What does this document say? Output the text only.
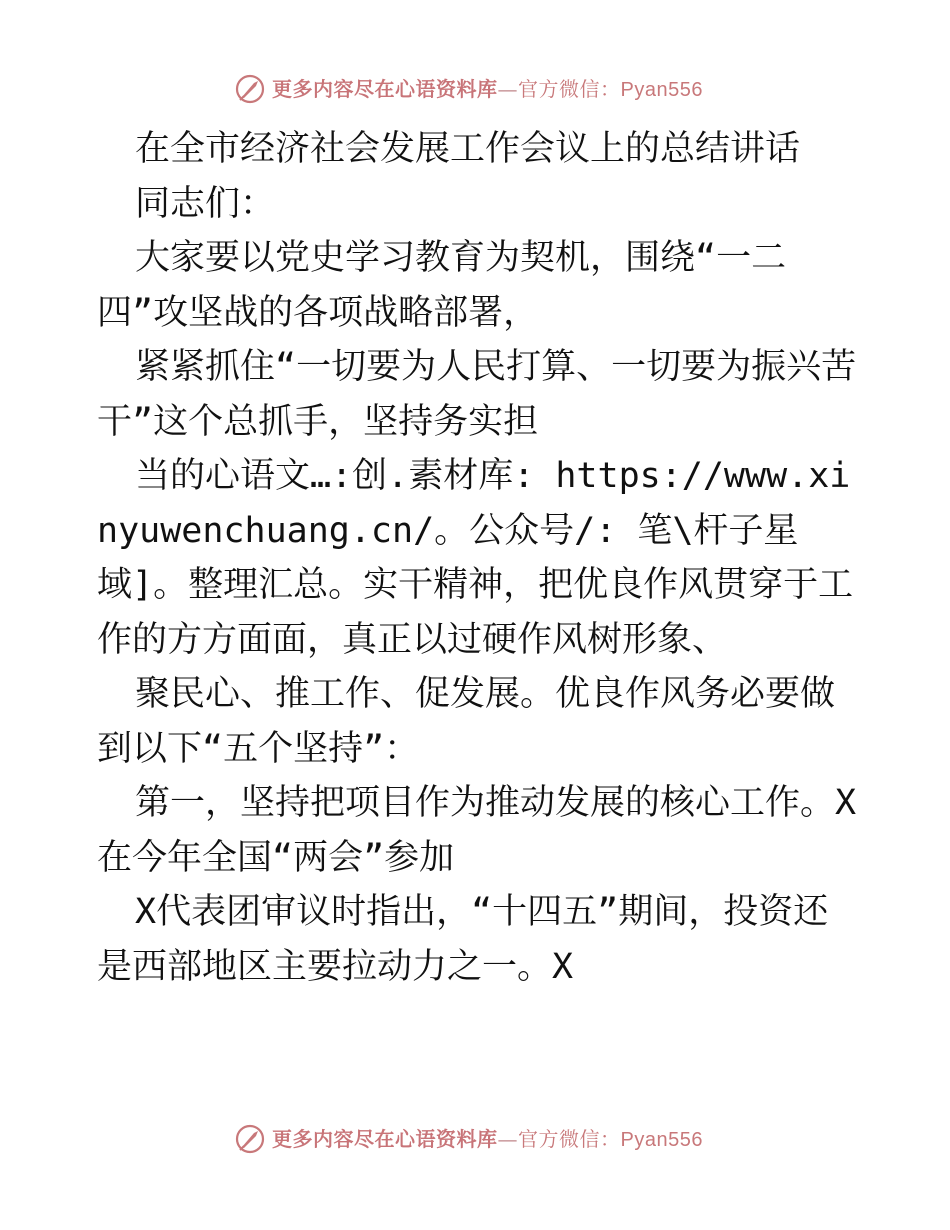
更多内容尽在心语资料库—官方微信：Pyan556

在全市经济社会发展工作会议上的总结讲话

同志们：

大家要以党史学习教育为契机，围绕“一二四”攻坚战的各项战略部署，

紧紧抓住“一切要为人民打算、一切要为振兴苦干”这个总抓手，坚持务实担

当的心语文…:创.素材库: https://www.xinyuwenchuang.cn/。公众号/: 笔\杆子星域]。整理汇总。实干精神，把优良作风贯穿于工作的方方面面，真正以过硬作风树形象、

聚民心、推工作、促发展。优良作风务必要做到以下“五个坚持”：

第一，坚持把项目作为推动发展的核心工作。X在今年全国“两会”参加

X代表团审议时指出，“十四五”期间，投资还是西部地区主要拉动力之一。X

更多内容尽在心语资料库—官方微信：Pyan556
